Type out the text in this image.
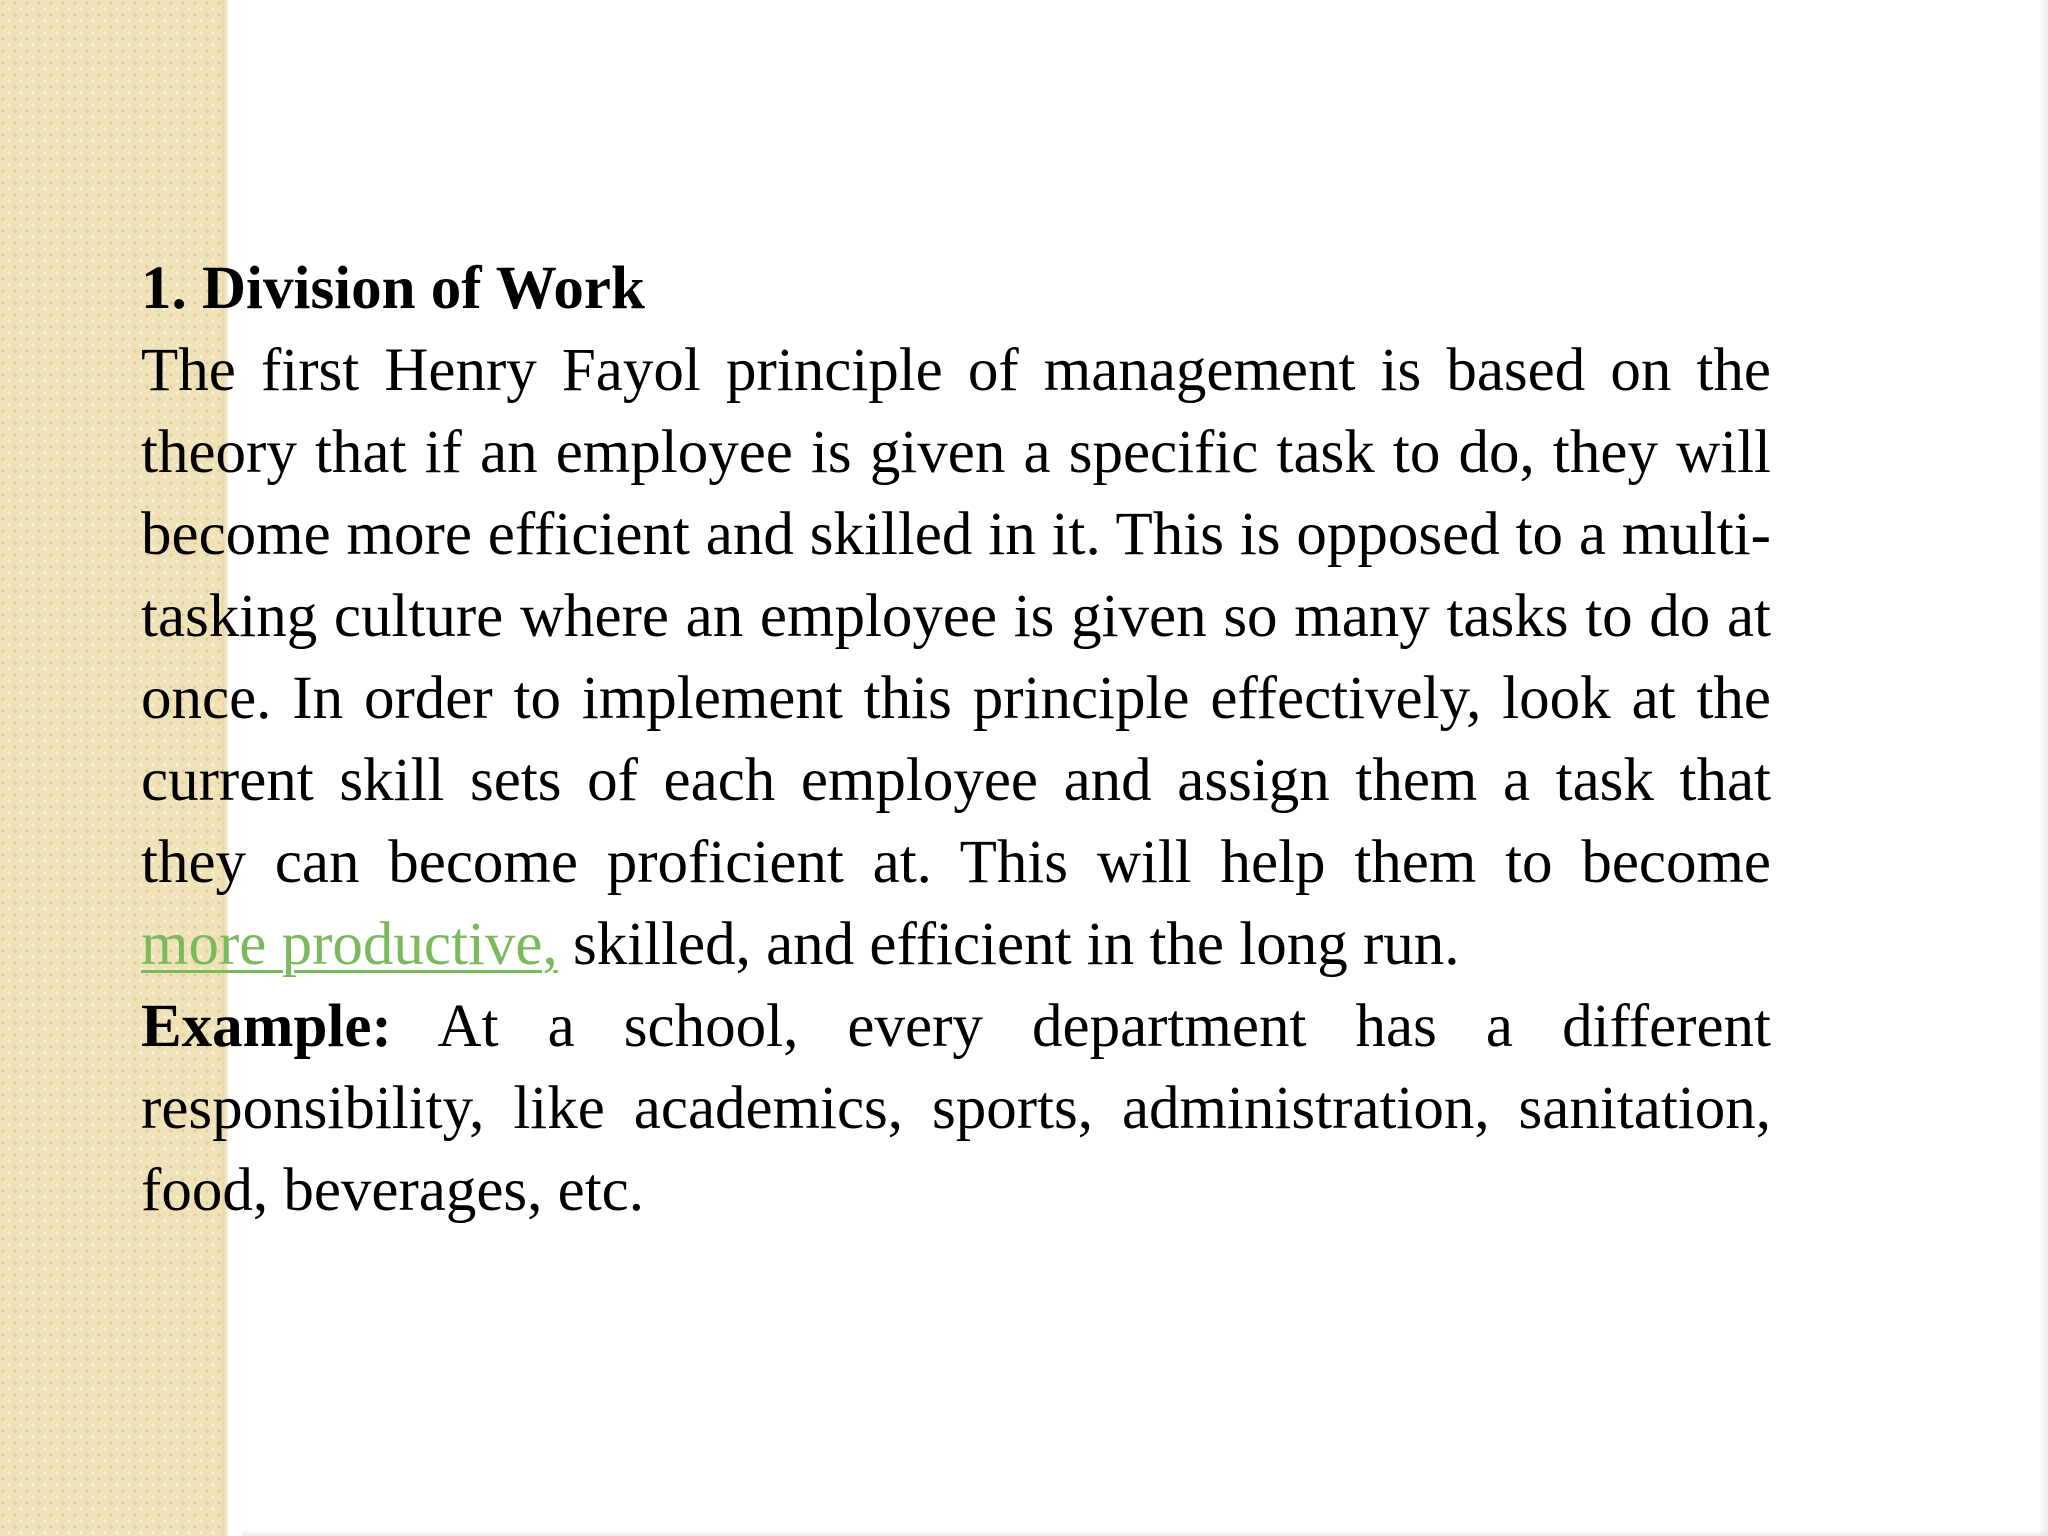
1. Division of Work

The first Henry Fayol principle of management is based on the theory that if an employee is given a specific task to do, they will become more efficient and skilled in it. This is opposed to a multi-tasking culture where an employee is given so many tasks to do at once. In order to implement this principle effectively, look at the current skill sets of each employee and assign them a task that they can become proficient at. This will help them to become more productive, skilled, and efficient in the long run.

Example: At a school, every department has a different responsibility, like academics, sports, administration, sanitation, food, beverages, etc.
